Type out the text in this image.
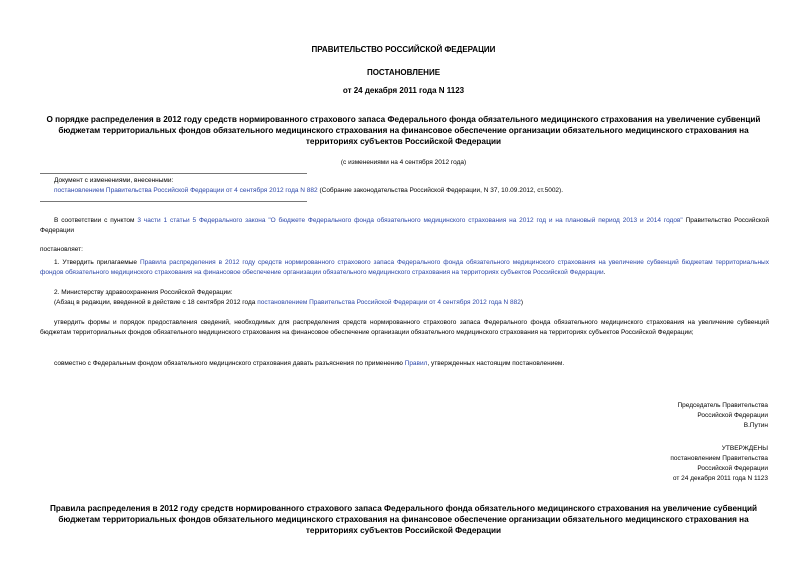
ПРАВИТЕЛЬСТВО РОССИЙСКОЙ ФЕДЕРАЦИИ
ПОСТАНОВЛЕНИЕ
от 24 декабря 2011 года N 1123
О порядке распределения в 2012 году средств нормированного страхового запаса Федерального фонда обязательного медицинского страхования на увеличение субвенций бюджетам территориальных фондов обязательного медицинского страхования на финансовое обеспечение организации обязательного медицинского страхования на территориях субъектов Российской Федерации
(с изменениями на 4 сентября 2012 года)
Документ с изменениями, внесенными:
постановлением Правительства Российской Федерации от 4 сентября 2012 года N 882 (Собрание законодательства Российской Федерации, N 37, 10.09.2012, ст.5002).
В соответствии с пунктом 3 части 1 статьи 5 Федерального закона "О бюджете Федерального фонда обязательного медицинского страхования на 2012 год и на плановый период 2013 и 2014 годов" Правительство Российской Федерации
постановляет:
1. Утвердить прилагаемые Правила распределения в 2012 году средств нормированного страхового запаса Федерального фонда обязательного медицинского страхования на увеличение субвенций бюджетам территориальных фондов обязательного медицинского страхования на финансовое обеспечение организации обязательного медицинского страхования на территориях субъектов Российской Федерации.
2. Министерству здравоохранения Российской Федерации:
(Абзац в редакции, введенной в действие с 18 сентября 2012 года постановлением Правительства Российской Федерации от 4 сентября 2012 года N 882)
утвердить формы и порядок предоставления сведений, необходимых для распределения средств нормированного страхового запаса Федерального фонда обязательного медицинского страхования на увеличение субвенций бюджетам территориальных фондов обязательного медицинского страхования на финансовое обеспечение организации обязательного медицинского страхования на территориях субъектов Российской Федерации;
совместно с Федеральным фондом обязательного медицинского страхования давать разъяснения по применению Правил, утвержденных настоящим постановлением.
Председатель Правительства
Российской Федерации
В.Путин
УТВЕРЖДЕНЫ
постановлением Правительства
Российской Федерации
от 24 декабря 2011 года N 1123
Правила распределения в 2012 году средств нормированного страхового запаса Федерального фонда обязательного медицинского страхования на увеличение субвенций бюджетам территориальных фондов обязательного медицинского страхования на финансовое обеспечение организации обязательного медицинского страхования на территориях субъектов Российской Федерации
